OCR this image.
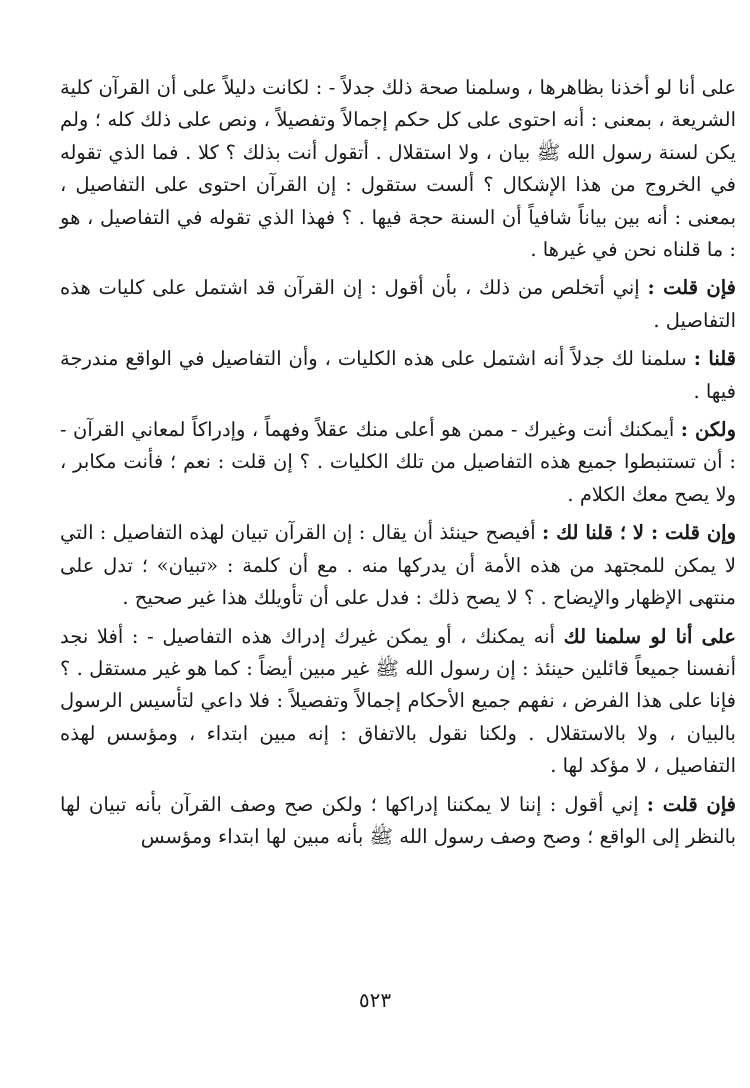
على أنا لو أخذنا بظاهرها ، وسلمنا صحة ذلك جدلاً - : لكانت دليلاً على أن القرآن كلية الشريعة ، بمعنى : أنه احتوى على كل حكم إجمالاً وتفصيلاً ، ونص على ذلك كله ؛ ولم يكن لسنة رسول الله ﷺ بيان ، ولا استقلال . أتقول أنت بذلك ؟ كلا . فما الذي تقوله في الخروج من هذا الإشكال ؟ ألست ستقول : إن القرآن احتوى على التفاصيل ، بمعنى : أنه بين بياناً شافياً أن السنة حجة فيها . ؟ فهذا الذي تقوله في التفاصيل ، هو : ما قلناه نحن في غيرها .

فإن قلت : إني أتخلص من ذلك ، بأن أقول : إن القرآن قد اشتمل على كليات هذه التفاصيل .

قلنا : سلمنا لك جدلاً أنه اشتمل على هذه الكليات ، وأن التفاصيل في الواقع مندرجة فيها .

ولكن : أيمكنك أنت وغيرك - ممن هو أعلى منك عقلاً وفهماً ، وإدراكاً لمعاني القرآن - : أن تستنبطوا جميع هذه التفاصيل من تلك الكليات . ؟ إن قلت : نعم ؛ فأنت مكابر ، ولا يصح معك الكلام .

وإن قلت : لا ؛ قلنا لك : أفيصح حينئذ أن يقال : إن القرآن تبيان لهذه التفاصيل : التي لا يمكن للمجتهد من هذه الأمة أن يدركها منه . مع أن كلمة : «تبيان» ؛ تدل على منتهى الإظهار والإيضاح . ؟ لا يصح ذلك : فدل على أن تأويلك هذا غير صحيح .

على أنا لو سلمنا لك أنه يمكنك ، أو يمكن غيرك إدراك هذه التفاصيل - : أفلا نجد أنفسنا جميعاً قائلين حينئذ : إن رسول الله ﷺ غير مبين أيضاً : كما هو غير مستقل . ؟ فإنا على هذا الفرض ، نفهم جميع الأحكام إجمالاً وتفصيلاً : فلا داعي لتأسيس الرسول بالبيان ، ولا بالاستقلال . ولكنا نقول بالاتفاق : إنه مبين ابتداء ، ومؤسس لهذه التفاصيل ، لا مؤكد لها .

فإن قلت : إني أقول : إننا لا يمكننا إدراكها ؛ ولكن صح وصف القرآن بأنه تبيان لها بالنظر إلى الواقع ؛ وصح وصف رسول الله ﷺ بأنه مبين لها ابتداء ومؤسس

٥٢٣
